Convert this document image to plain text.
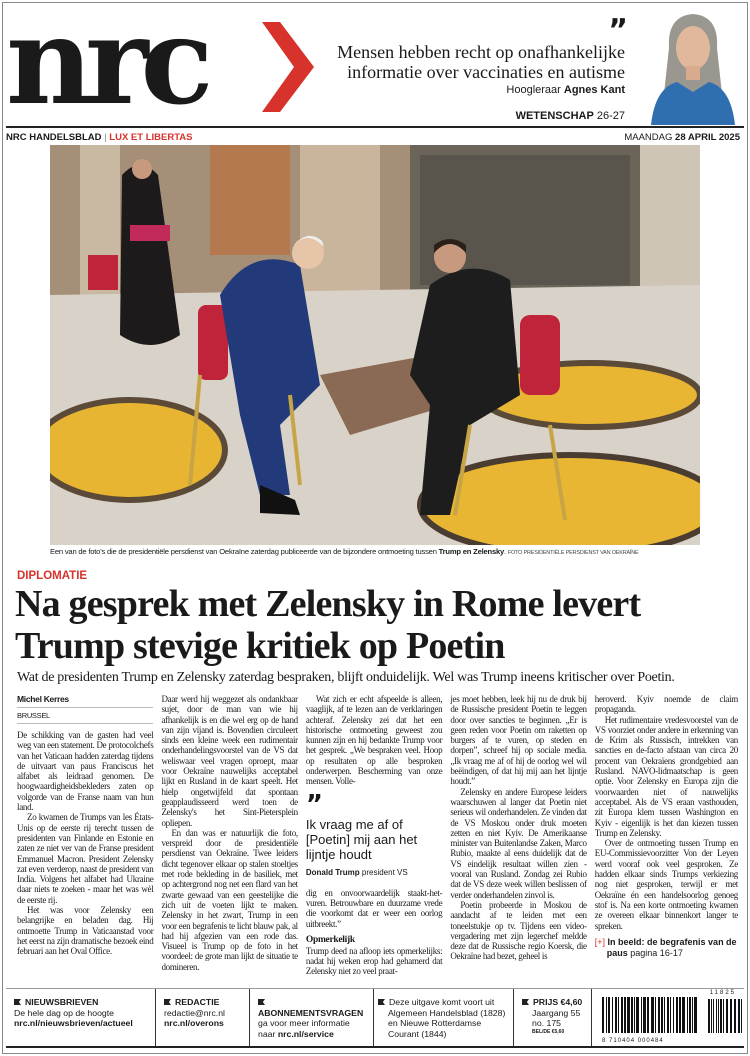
nrc	”
Mensen hebben recht op onafhankelijke informatie over vaccinaties en autisme
Hoogleraar Agnes Kant
WETENSCHAP 26-27
NRC HANDELSBLAD | LUX ET LIBERTAS	MAANDAG 28 APRIL 2025
Een van de foto's die de presidentiële persdienst van Oekraïne zaterdag publiceerde van de bijzondere ontmoeting tussen Trump en Zelensky. FOTO PRESIDENTIËLE PERSDIENST VAN OEKRAÏNE
DIPLOMATIE
Na gesprek met Zelensky in Rome levert Trump stevige kritiek op Poetin
Wat de presidenten Trump en Zelensky zaterdag bespraken, blijft onduidelijk. Wel was Trump ineens kritischer over Poetin.
Michel Kerres
BRUSSEL

De schikking van de gasten had veel weg van een statement. De protocolchefs van het Vaticaan hadden zaterdag tijdens de uitvaart van paus Franciscus het alfabet als leidraad genomen. De hoogwaardigheidsbekleders zaten op volgorde van de Franse naam van hun land.

Zo kwamen de Trumps van les États-Unis op de eerste rij terecht tussen de presidenten van Finlande en Estonie en zaten ze niet ver van de Franse president Emmanuel Macron. President Zelensky zat even verderop, naast de president van India. Volgens het alfabet had Ukraine daar niets te zoeken - maar het was wèl de eerste rij.

Het was voor Zelensky een belangrijke en beladen dag. Hij ontmoette Trump in Vaticaanstad voor het eerst na zijn dramatische bezoek eind februari aan het Oval Office.

Daar werd hij weggezet als ondankbaar sujet, door de man van wie hij afhankelijk is en die wel erg op de hand van zijn vijand is. Bovendien circuleert sinds een kleine week een rudimentair onderhandelingsvoorstel van de VS dat weliswaar veel vragen oproept, maar voor Oekraïne nauwelijks acceptabel lijkt en Rusland in de kaart speelt. Het hielp ongetwijfeld dat spontaan geapplaudisseerd werd toen de Zelensky's het Sint-Pietersplein opliepen.

En dan was er natuurlijk die foto, verspreid door de presidentiële persdienst van Oekraïne. Twee leiders dicht tegenover elkaar op stalen stoeltjes met rode bekleding in de basiliek, met op achtergrond nog net een flard van het zwarte gewaad van een geestelijke die zich uit de voeten lijkt te maken. Zelensky in het zwart, Trump in een voor een begrafenis te licht blauw pak, al had hij afgezien van een rode das. Visueel is Trump op de foto in het voordeel: de grote man lijkt de situatie te domineren.

Wat zich er echt afspeelde is alleen, vaaglijk, af te lezen aan de verklaringen achteraf. Zelensky zei dat het een historische ontmoeting geweest zou kunnen zijn en hij bedankte Trump voor het gesprek. „We bespraken veel. Hoop op resultaten op alle besproken onderwerpen. Bescherming van onze mensen. Volle-

”
Ik vraag me af of [Poetin] mij aan het lijntje houdt
Donald Trump president VS

dig en onvoorwaardelijk staakt-het-vuren. Betrouwbare en duurzame vrede die voorkomt dat er weer een oorlog uitbreekt.”

Opmerkelijk

Trump deed na afloop iets opmerkelijks: nadat hij weken erop had gehamerd dat Zelensky niet zo veel praat-

jes moet hebben, leek hij nu de druk bij de Russische president Poetin te leggen door over sancties te beginnen. „Er is geen reden voor Poetin om raketten op burgers af te vuren, op steden en dorpen”, schreef hij op sociale media. „Ik vraag me af of hij de oorlog wel wil beëindigen, of dat hij mij aan het lijntje houdt.”

Zelensky en andere Europese leiders waarschuwen al langer dat Poetin niet serieus wil onderhandelen. Ze vinden dat de VS Moskou onder druk moeten zetten en niet Kyiv. De Amerikaanse minister van Buitenlandse Zaken, Marco Rubio, maakte al eens duidelijk dat de VS eindelijk resultaat willen zien - vooral van Rusland. Zondag zei Rubio dat de VS deze week willen beslissen of verder onderhandelen zinvol is.

Poetin probeerde in Moskou de aandacht af te leiden met een toneelstukje op tv. Tijdens een video-vergadering met zijn legerchef meldde deze dat de Russische regio Koersk, die Oekraïne had bezet, geheel is

heroverd. Kyiv noemde de claim propaganda.

Het rudimentaire vredesvoorstel van de VS voorziet onder andere in erkenning van de Krim als Russisch, intrekken van sancties en de-facto afstaan van circa 20 procent van Oekraïens grondgebied aan Rusland. NAVO-lidmaatschap is geen optie. Voor Zelensky en Europa zijn die voorwaarden niet of nauwelijks acceptabel. Als de VS eraan vasthouden, zit Europa klem tussen Washington en Kyiv - eigenlijk is het dan kiezen tussen Trump en Zelensky.

Over de ontmoeting tussen Trump en EU-Commissievoorzitter Von der Leyen werd vooraf ook veel gesproken. Ze hadden elkaar sinds Trumps verkiezing nog niet gesproken, terwijl er met Oekraïne én een handelsoorlog genoeg stof is. Na een korte ontmoeting kwamen ze overeen elkaar binnenkort langer te spreken.

[+] In beeld: de begrafenis van de paus pagina 16-17
NIEUWSBRIEVEN
De hele dag op de hoogte
nrc.nl/nieuwsbrieven/actueel
REDACTIE
redactie@nrc.nl
nrc.nl/overons
ABONNEMENTSVRAGEN
ga voor meer informatie
naar nrc.nl/service
Deze uitgave komt voort uit Algemeen Handelsblad (1828) en Nieuwe Rotterdamse Courant (1844)
PRIJS €4,60
Jaargang 55
no. 175
BEL/DE €5,60
8 710404 000484
11825
